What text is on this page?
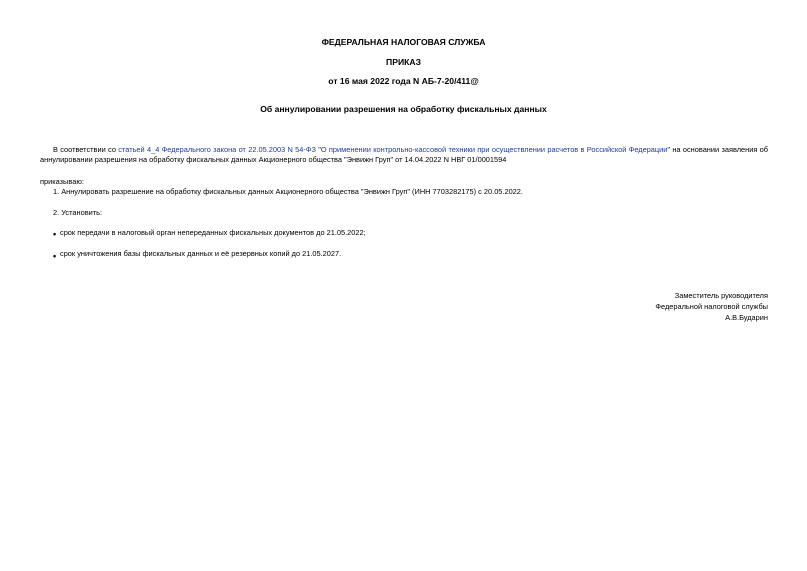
ФЕДЕРАЛЬНАЯ НАЛОГОВАЯ СЛУЖБА
ПРИКАЗ
от 16 мая 2022 года N АБ-7-20/411@
Об аннулировании разрешения на обработку фискальных данных
В соответствии со статьей 4_4 Федерального закона от 22.05.2003 N 54-ФЗ "О применении контрольно-кассовой техники при осуществлении расчетов в Российской Федерации" на основании заявления об аннулировании разрешения на обработку фискальных данных Акционерного общества "Энвижн Груп" от 14.04.2022 N НВГ 01/0001594
приказываю:
1. Аннулировать разрешение на обработку фискальных данных Акционерного общества "Энвижн Груп" (ИНН 7703282175) с 20.05.2022.
2. Установить:
• срок передачи в налоговый орган непереданных фискальных документов до 21.05.2022;
• срок уничтожения базы фискальных данных и её резервных копий до 21.05.2027.
Заместитель руководителя
Федеральной налоговой службы
А.В.Бударин
